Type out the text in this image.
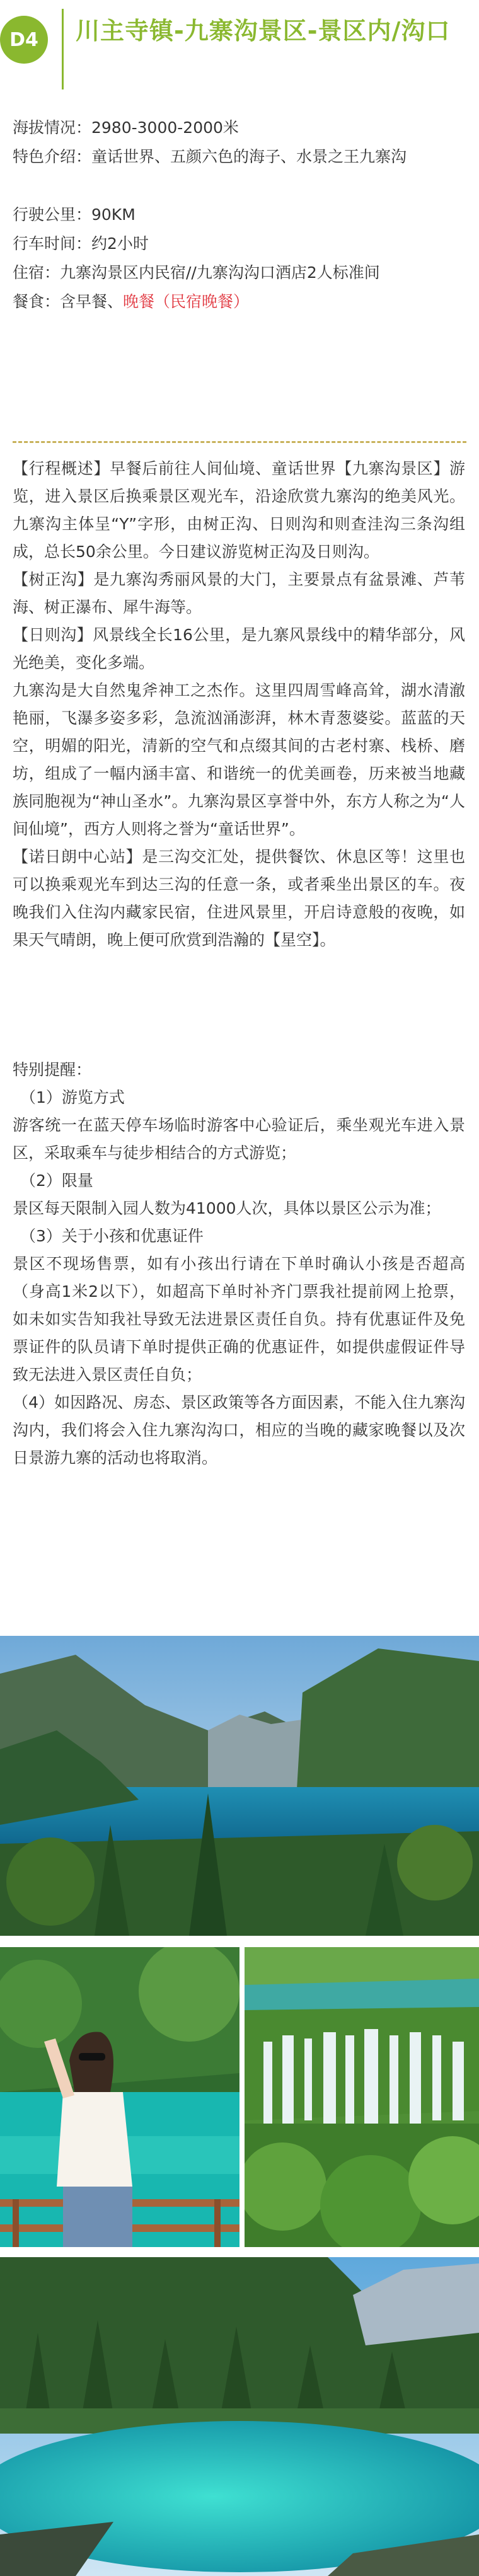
D4	川主寺镇-九寨沟景区-景区内/沟口
海拔情况：2980-3000-2000米
特色介绍：童话世界、五颜六色的海子、水景之王九寨沟
行驶公里：90KM
行车时间：约2小时
住宿：九寨沟景区内民宿//九寨沟沟口酒店2人标准间
餐食：含早餐、晚餐（民宿晚餐）

【行程概述】早餐后前往人间仙境、童话世界【九寨沟景区】游览，进入景区后换乘景区观光车，沿途欣赏九寨沟的绝美风光。九寨沟主体呈“Y”字形，由树正沟、日则沟和则查洼沟三条沟组成，总长50余公里。今日建议游览树正沟及日则沟。

【树正沟】是九寨沟秀丽风景的大门，主要景点有盆景滩、芦苇海、树正瀑布、犀牛海等。

【日则沟】风景线全长16公里，是九寨风景线中的精华部分，风光绝美，变化多端。

九寨沟是大自然鬼斧神工之杰作。这里四周雪峰高耸，湖水清澈艳丽，飞瀑多姿多彩，急流汹涌澎湃，林木青葱婆娑。蓝蓝的天空，明媚的阳光，清新的空气和点缀其间的古老村寨、栈桥、磨坊，组成了一幅内涵丰富、和谐统一的优美画卷，历来被当地藏族同胞视为“神山圣水”。九寨沟景区享誉中外，东方人称之为“人间仙境”，西方人则将之誉为“童话世界”。

【诺日朗中心站】是三沟交汇处，提供餐饮、休息区等！这里也可以换乘观光车到达三沟的任意一条，或者乘坐出景区的车。夜晚我们入住沟内藏家民宿，住进风景里，开启诗意般的夜晚，如果天气晴朗，晚上便可欣赏到浩瀚的【星空】。

特别提醒：

（1）游览方式

游客统一在蓝天停车场临时游客中心验证后，乘坐观光车进入景区，采取乘车与徒步相结合的方式游览；

（2）限量

景区每天限制入园人数为41000人次，具体以景区公示为准；

（3）关于小孩和优惠证件

景区不现场售票，如有小孩出行请在下单时确认小孩是否超高（身高1米2以下），如超高下单时补齐门票我社提前网上抢票，如未如实告知我社导致无法进景区责任自负。持有优惠证件及免票证件的队员请下单时提供正确的优惠证件，如提供虚假证件导致无法进入景区责任自负；

（4）如因路况、房态、景区政策等各方面因素，不能入住九寨沟沟内，我们将会入住九寨沟沟口，相应的当晚的藏家晚餐以及次日景游九寨的活动也将取消。
